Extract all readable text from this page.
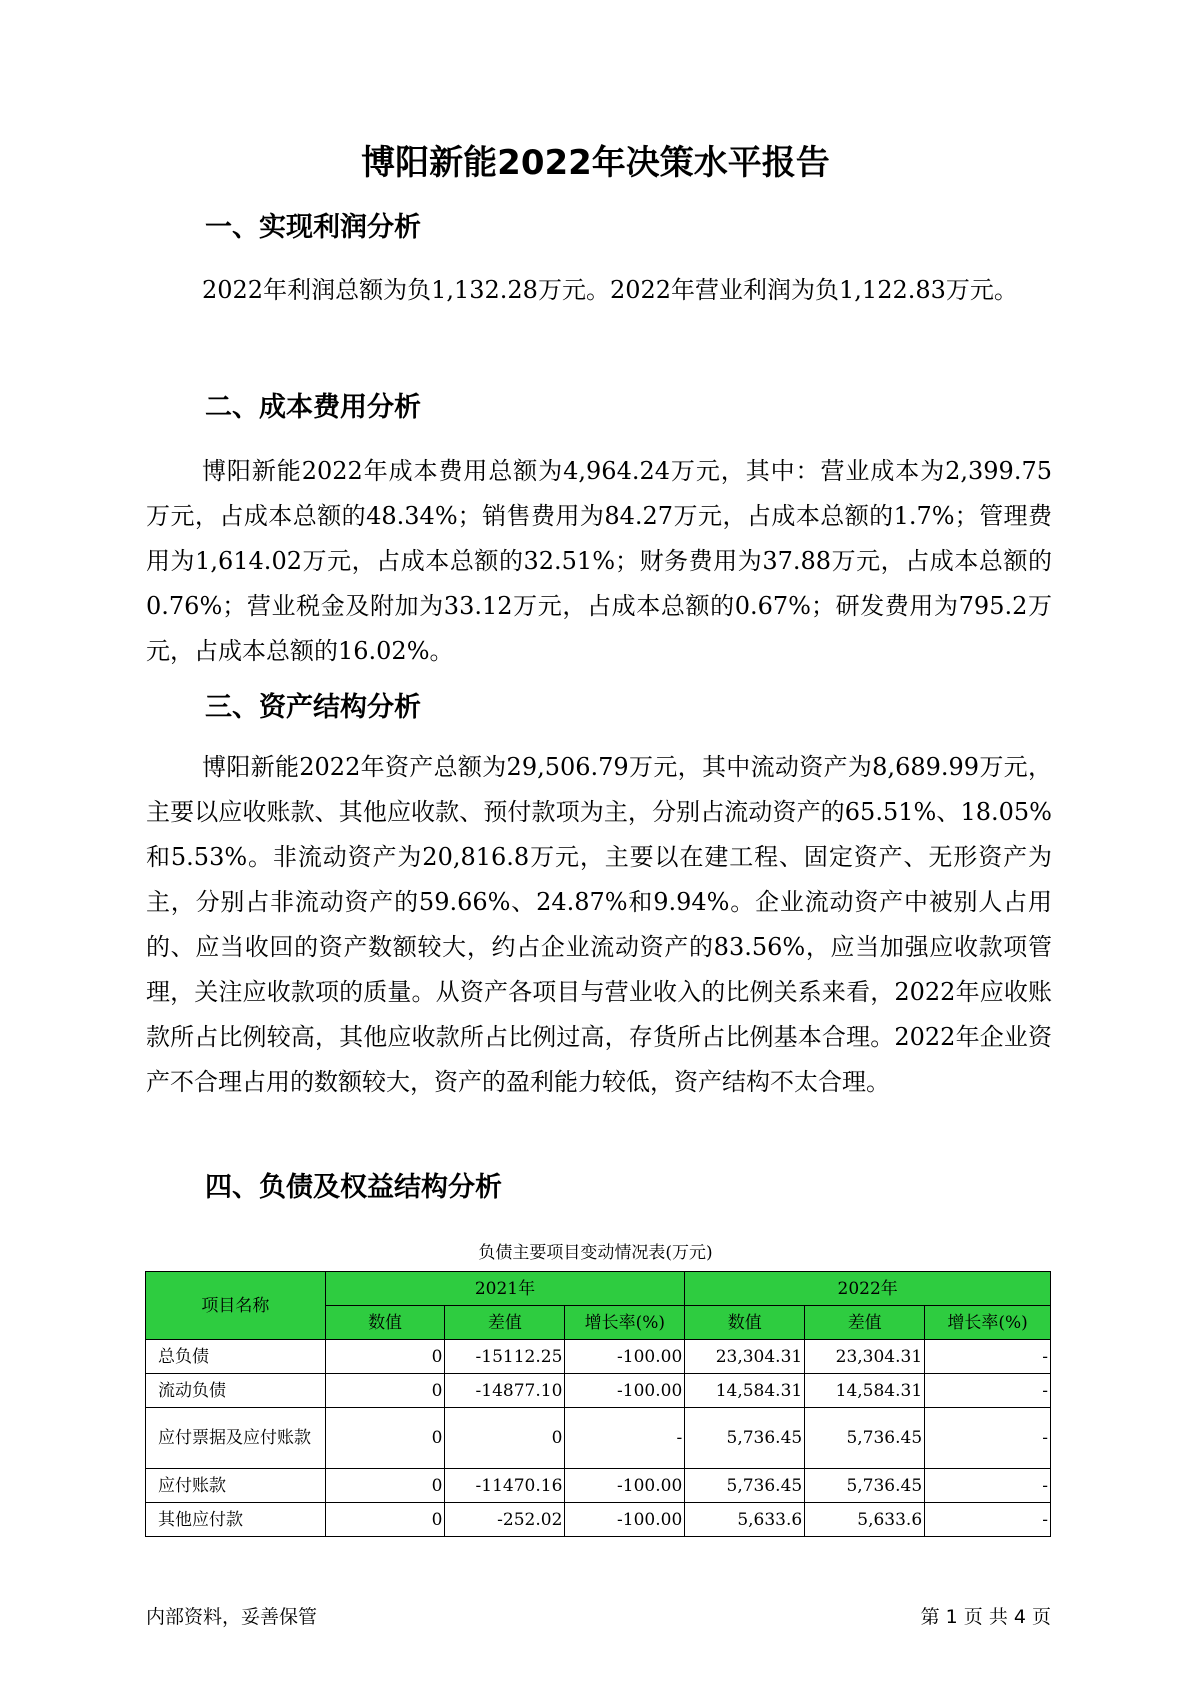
博阳新能2022年决策水平报告
一、实现利润分析

2022年利润总额为负1,132.28万元。2022年营业利润为负1,122.83万元。

二、成本费用分析

博阳新能2022年成本费用总额为4,964.24万元，其中：营业成本为2,399.75万元，占成本总额的48.34%；销售费用为84.27万元，占成本总额的1.7%；管理费用为1,614.02万元，占成本总额的32.51%；财务费用为37.88万元，占成本总额的0.76%；营业税金及附加为33.12万元，占成本总额的0.67%；研发费用为795.2万元，占成本总额的16.02%。

三、资产结构分析

博阳新能2022年资产总额为29,506.79万元，其中流动资产为8,689.99万元，主要以应收账款、其他应收款、预付款项为主，分别占流动资产的65.51%、18.05%和5.53%。非流动资产为20,816.8万元，主要以在建工程、固定资产、无形资产为主，分别占非流动资产的59.66%、24.87%和9.94%。企业流动资产中被别人占用的、应当收回的资产数额较大，约占企业流动资产的83.56%，应当加强应收款项管理，关注应收款项的质量。从资产各项目与营业收入的比例关系来看，2022年应收账款所占比例较高，其他应收款所占比例过高，存货所占比例基本合理。2022年企业资产不合理占用的数额较大，资产的盈利能力较低，资产结构不太合理。

四、负债及权益结构分析

负债主要项目变动情况表(万元)

项目名称	2021年			2022年		
	数值	差值	增长率(%)	数值	差值	增长率(%)
总负债	0	-15112.25	-100.00	23,304.31	23,304.31	-
流动负债	0	-14877.10	-100.00	14,584.31	14,584.31	-
应付票据及应付账款	0	0	-	5,736.45	5,736.45	-
应付账款	0	-11470.16	-100.00	5,736.45	5,736.45	-
其他应付款	0	-252.02	-100.00	5,633.6	5,633.6	-

内部资料，妥善保管	第 1 页 共 4 页
